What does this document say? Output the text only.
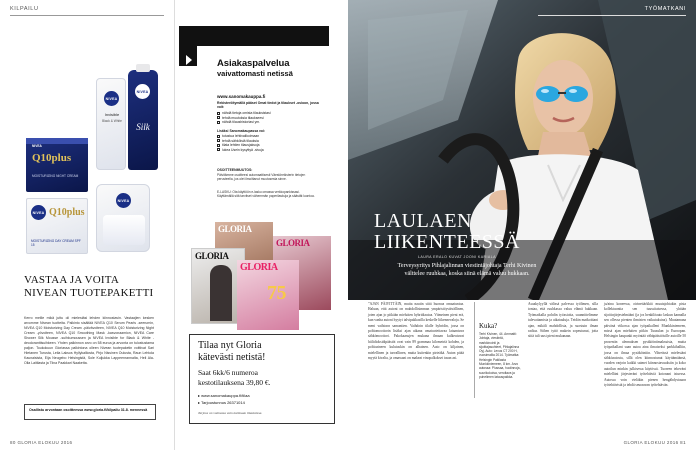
KILPAILU
NIVEA
Invisible
Black & White
NIVEA
Silk
Q10plus
MOISTURIZING NIGHT CREAM
NIVEA
NIVEA Q10plus
MOISTURIZING DAY CREAM SPF 15
NIVEA
VASTAA JA VOITA NIVEAN TUOTEPAKETTI
Kerro meille mikä juttu oli mielestäsi lehden kiinnostavin. Vastaajien kesken arvomme Nivean tuotteita. Palkinto sisältää NIVEA Q10 Serum Pearls -seerumin, NIVEA Q10 Moisturizing Day Cream -päivävoiteen, NIVEA Q10 Moisturizing Night Cream -yövoiteen, NIVEA Q10 Smoothing Mask -kasvonaamion, NIVEA Care Shower Silk Mousse -suihkumoussen ja NIVEA Invisible for Black & White -deodoranttisuihkeen. Yhden palkinnon arvo on 58 euroa ja arvonta on tulostustama paljon. Toukokuun Gloriassa palkintona olleen Nivean tuotepaketin voittivat Sari Hietanen Turusta, Leila Laksos Hyllykalliosta, Pirjo Nissinen Oulusta, Raun Lehtola Kaunaisista, Eija Neugebo Helsingistä, Sole Kuljukka Lappeenrannalta, Heli Ala-Olla Laitilasta ja Tiina Paakkari Naaketta.
Osallistu arvontaan osoitteessa www.gloria.fi/kilpailu 31.8. mennessä
80 GLORIA ELOKUU 2016
Asiakaspalvelua
vaivattomasti netissä
www.sanomakauppa.fi
Rekisteröitymällä pääset Omat tiedot ja tilaukset -osioon, jossa voit:
nähdä tietoja omista tilauksistasi
tehdä muutoksia tilaukseesi
nähdä tilaushistoriasi ym.
Lisäksi Sanomakaupassa voi:
tutustua lehtivalikoimaan
tehdä sähköisiä tilauksia
tilata lehtien tilausjaksoja
lukea Usein kysyttyä -sivuja
OSOITTEENMUUTOS:
Päivitämme osoitteesi automaattisesti Väestörekisterin tietojen perusteella, jos olet ilmoittanut muutosesta sinne.
E-LASKU: Ota käyttöön e-lasku omassa verkkopankissasi. Käyttämällä sitä tarvitset vähemmän paperilaskuja ja säästät luontoa.
GLORIA
GLORIA
GLORIA
GLORIA
75
Tilaa nyt Gloria
kätevästi netistä!
Saat 6kk/6 numeroa
kestotilauksena 39,80 €.
▸ www.sanomakauppa.fi/tilaa
▸ Tarjoustunnus 26371014
Tarjous on voimassa vain kotimaan tilauksissa.
TYÖMATKANI
LAULAEN
LIIKENTEESSÄ
LAURA ERALO KUVAT JOONI KARIALA
Terveysyritys Pihlajalinnan viestintäjohtaja Terhi Kivinen välttelee ruuhkaa, koska siinä elämä valuu hukkaan.
”AJAN PÄIVITTÄIN, mutta nautin siitä huonoa omaatuntoa. Haluan, että autoni on mahdollisimman ympäristöystävällinen, joten ajan jo pitkään mieluiten hybridiautoa. Viimeinen pieni erä, kun vanha autoni hyytyi talvipakkasilla keskelle liikennevaloja. Se meni vaihtoon samantien. Vaihdoin tilalle hybridin, jossa on polttomoottorin lisäksi ajan aikana omatuotettavaa lataantuva sähkömoottori. Pakokaasujen mukana ilmaan kulkeutuvat hiilidioksidipäästöt ovat vain 89 grammaa kilometriä kohden, ja polttoaineen kulutuskin on alhainen. Auto on kiljainen, mielellinen ja turvallinen, mutta kuitenkin pirteäkä. Auton pitää myytä kivalta, ja omassani on makeat vinopalkokset tasan asi.
Kuka?
Terhi Kivinen, 44. Ammatti: Johtaja, viestintä, markkinointi ja sijoittajasuhteet, Pihlajalinna Oyj. Auto: Lexus CT 200 H, vuosimallia 2014. Työmatka: Helsingin Pakilasta Munkkiniemeen, 8 km. Arvo autossa: Plussaa, huolinnoja, suurikokoisa, veroltava ja puhelimen latauspaikka.
Asuakylyyllä välissä palvessa työlimen, silla tontaa, että ruuhkassa valuu elämä hukkaan. Työmatkalla pohdin työasioita, suunnittelimme tulevattamista ja aikatauluja. Teidän matkoittani ajan, mikäli mahdollista, ja suostuin ilman radioa. Siihen tyttö makein sopeutunut, jotta siitä tuli uusi pieni mukanaan.
ja/aina koneessa, oirinettärkkiä muutajohtakin pista kollektuontia sen tuussitaisessa, yhtään sijoitinjärjestelmääni (ja jos henkilöauto laskun kannalla sen ollessa pienten ihmisten vaikutuksina). Muutamana päivänä viikossa ajan työpaikalleni Munkkiniemeen, missä ajan mieluiten pitkin Tuusulan ja Euroopan. Helsingin kaupunki myöntää vähäpäästöisille autoille 50 prosentin alennuksen pysäköintimaksuista, mutta työpaikallani saan autoa aina ilmaiseksi parkkihalliin, jossa on ilmaa pysäköintiin. Vihreässä mielestäni sähköautosta, sillä olen kiinnostunut käyttämäänsä, vuoden varjoin kaikki saimet kiinnostavuuksiin ja koko autoilun minkin julkisessa käytössä. Tuoreen tekeväni mielelläni järjesteräni työtehtäviä kotonani istuessa. Autossa voin vieläkin pienen hengähdystauon työtehtävistä ja tehdä seuraavan työtehtävän.
GLORIA ELOKUU 2016 81
